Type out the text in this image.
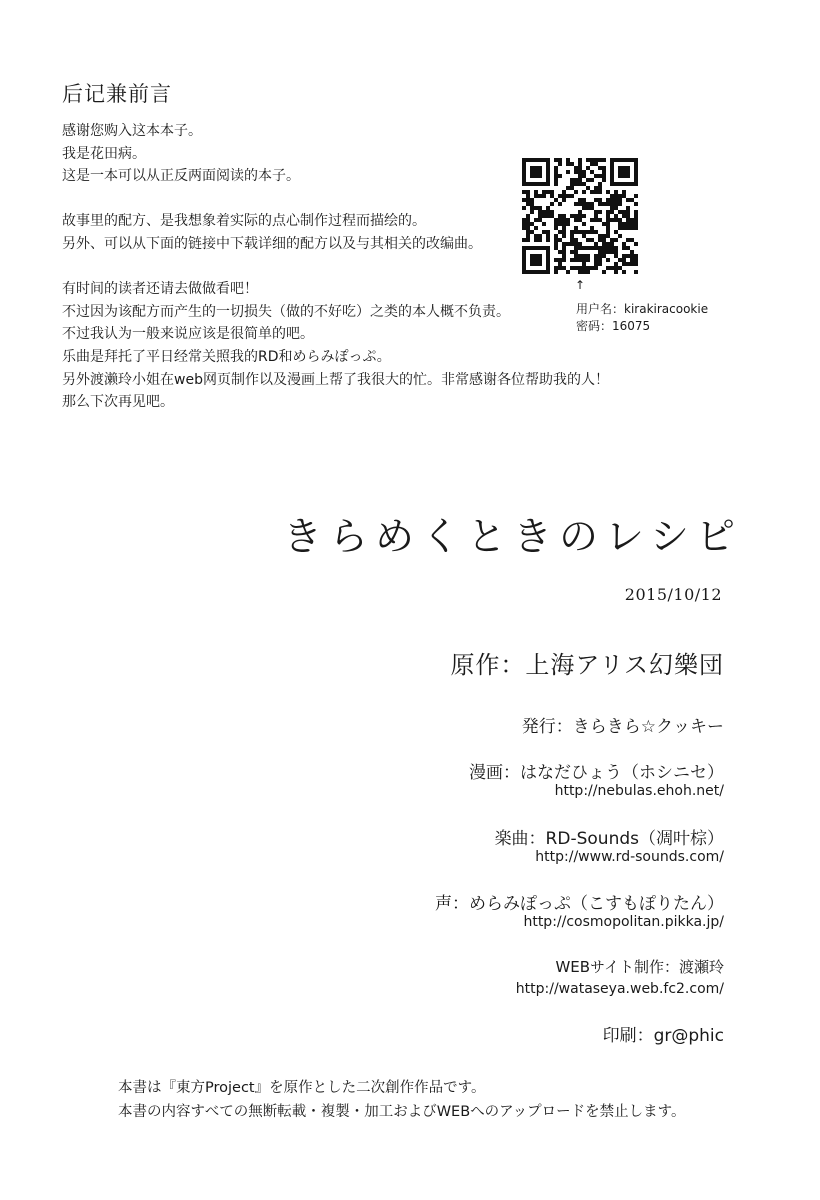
后记兼前言
感谢您购入这本本子。
我是花田病。
这是一本可以从正反两面阅读的本子。
故事里的配方、是我想象着实际的点心制作过程而描绘的。
另外、可以从下面的链接中下载详细的配方以及与其相关的改编曲。
有时间的读者还请去做做看吧！
不过因为该配方而产生的一切损失（做的不好吃）之类的本人概不负责。
不过我认为一般来说应该是很简单的吧。
乐曲是拜托了平日经常关照我的RD和めらみぽっぷ。
另外渡濑玲小姐在web网页制作以及漫画上帮了我很大的忙。非常感谢各位帮助我的人！
那么下次再见吧。
↑
用户名：kirakiracookie
密码：16075
きらめくときのレシピ
2015/10/12
原作：上海アリス幻樂団
発行：きらきら☆クッキー
漫画：はなだひょう（ホシニセ）
http://nebulas.ehoh.net/
楽曲：RD-Sounds（凋叶棕）
http://www.rd-sounds.com/
声：めらみぽっぷ（こすもぽりたん）
http://cosmopolitan.pikka.jp/
WEBサイト制作：渡瀬玲
http://wataseya.web.fc2.com/
印刷：gr@phic
本書は『東方Project』を原作とした二次創作作品です。
本書の内容すべての無断転載・複製・加工およびWEBへのアップロードを禁止します。
